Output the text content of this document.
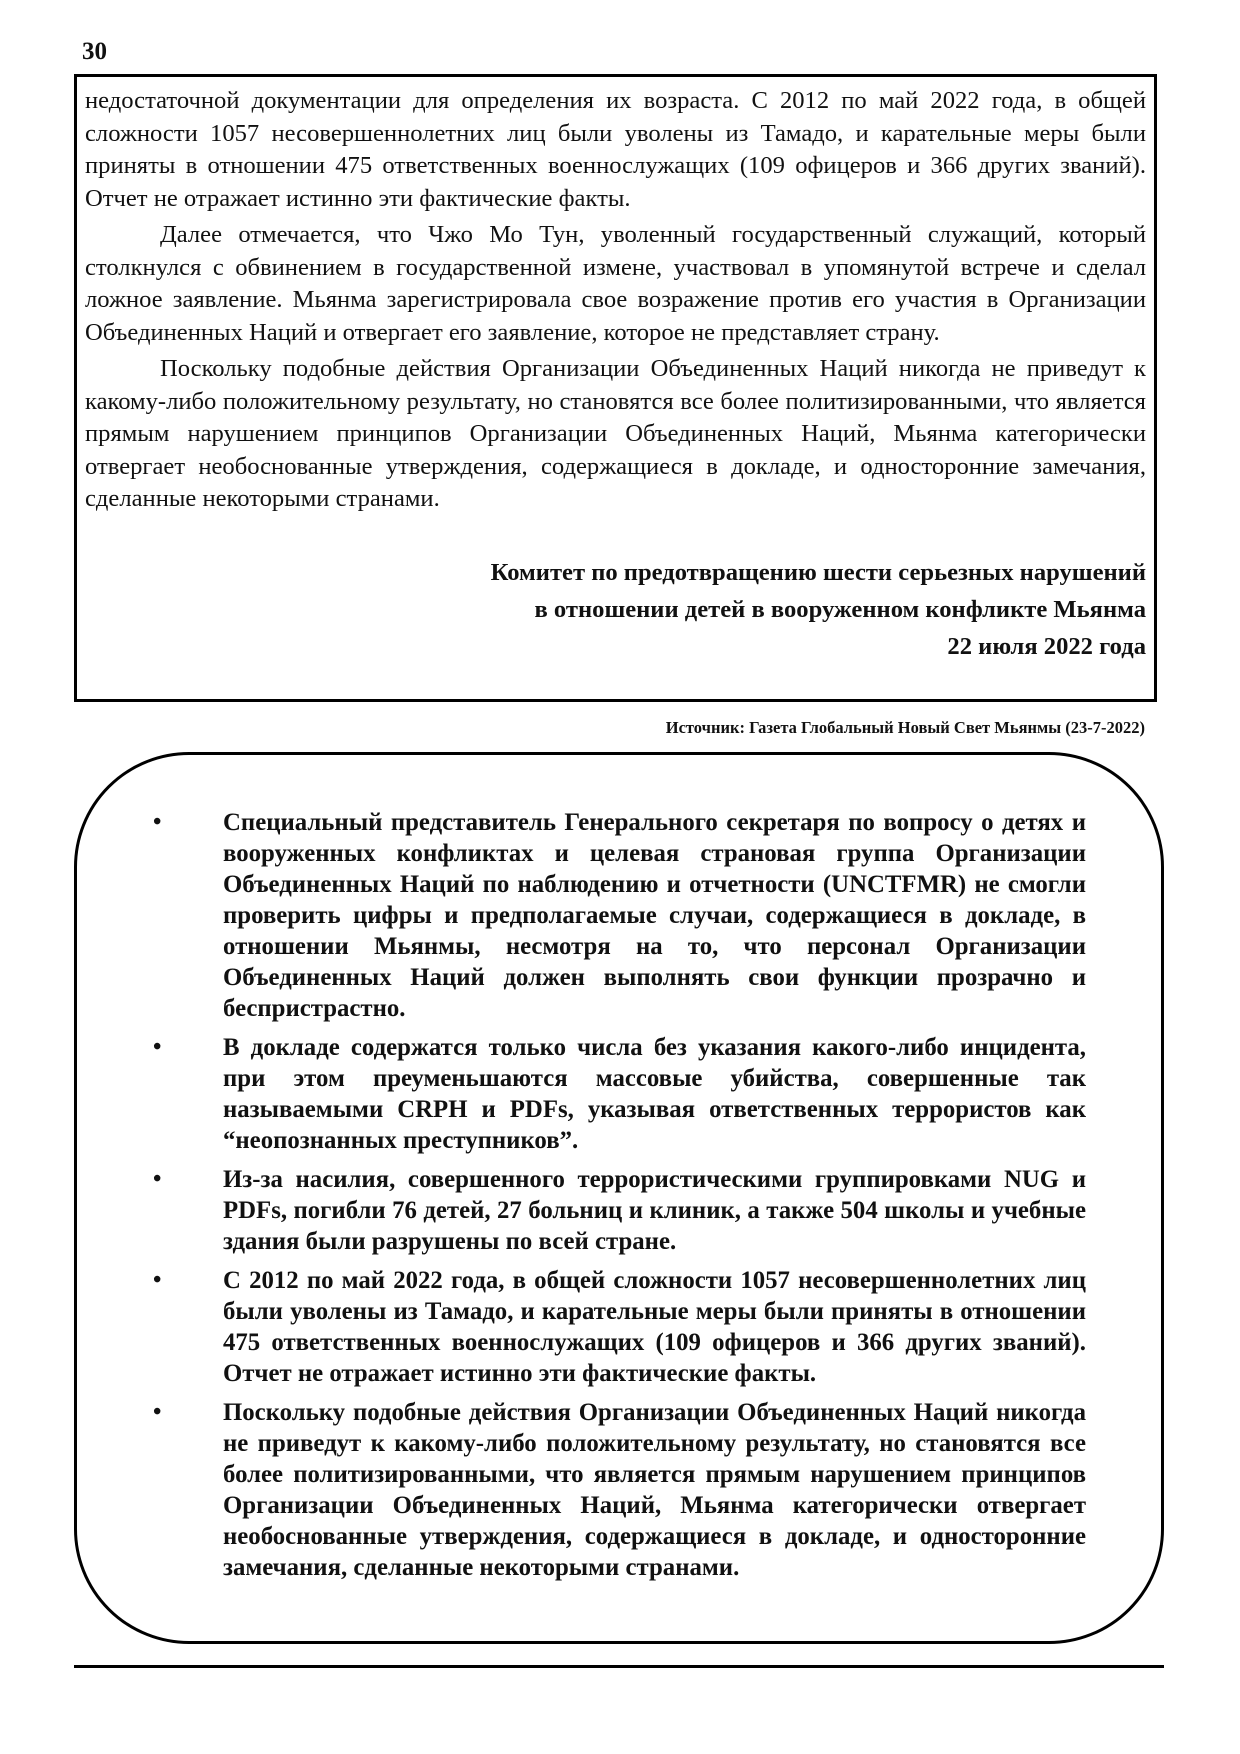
30

недостаточной документации для определения их возраста. С 2012 по май 2022 года, в общей сложности 1057 несовершеннолетних лиц были уволены из Тамадо, и карательные меры были приняты в отношении 475 ответственных военнослужащих (109 офицеров и 366 других званий). Отчет не отражает истинно эти фактические факты.

Далее отмечается, что Чжо Мо Тун, уволенный государственный служащий, который столкнулся с обвинением в государственной измене, участвовал в упомянутой встрече и сделал ложное заявление. Мьянма зарегистрировала свое возражение против его участия в Организации Объединенных Наций и отвергает его заявление, которое не представляет страну.

Поскольку подобные действия Организации Объединенных Наций никогда не приведут к какому-либо положительному результату, но становятся все более политизированными, что является прямым нарушением принципов Организации Объединенных Наций, Мьянма категорически отвергает необоснованные утверждения, содержащиеся в докладе, и односторонние замечания, сделанные некоторыми странами.

Комитет по предотвращению шести серьезных нарушений
в отношении детей в вооруженном конфликте Мьянма
22 июля 2022 года
Источник: Газета Глобальный Новый Свет Мьянмы (23-7-2022)
• Специальный представитель Генерального секретаря по вопросу о детях и вооруженных конфликтах и целевая страновая группа Организации Объединенных Наций по наблюдению и отчетности (UNCTFMR) не смогли проверить цифры и предполагаемые случаи, содержащиеся в докладе, в отношении Мьянмы, несмотря на то, что персонал Организации Объединенных Наций должен выполнять свои функции прозрачно и беспристрастно.
• В докладе содержатся только числа без указания какого-либо инцидента, при этом преуменьшаются массовые убийства, совершенные так называемыми CRPH и PDFs, указывая ответственных террористов как “неопознанных преступников”.
• Из-за насилия, совершенного террористическими группировками NUG и PDFs, погибли 76 детей, 27 больниц и клиник, а также 504 школы и учебные здания были разрушены по всей стране.
• С 2012 по май 2022 года, в общей сложности 1057 несовершеннолетних лиц были уволены из Тамадо, и карательные меры были приняты в отношении 475 ответственных военнослужащих (109 офицеров и 366 других званий). Отчет не отражает истинно эти фактические факты.
• Поскольку подобные действия Организации Объединенных Наций никогда не приведут к какому-либо положительному результату, но становятся все более политизированными, что является прямым нарушением принципов Организации Объединенных Наций, Мьянма категорически отвергает необоснованные утверждения, содержащиеся в докладе, и односторонние замечания, сделанные некоторыми странами.
